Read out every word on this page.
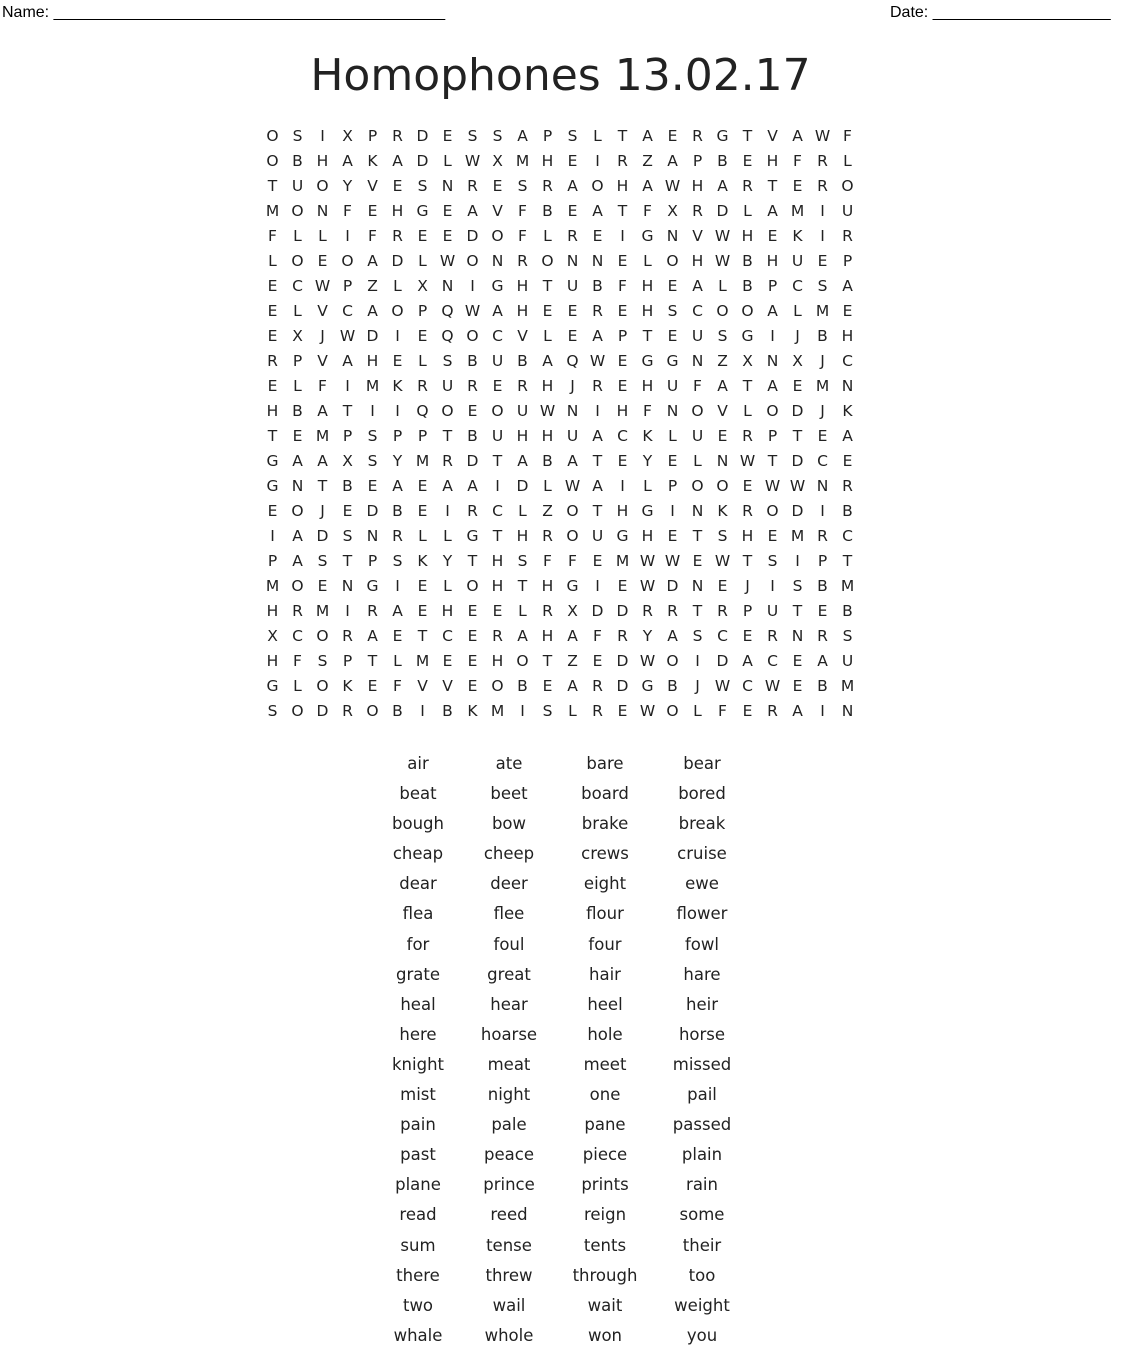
Name: ____________________________________________	Date: ____________________
Homophones 13.02.17
O S	I	X P R D E S S A P S	L	T A E R G T V A W F
O B H A K A D L W X M H E	I	R Z A P B E H F R L
T U O Y V E S N R E S R A O H A W H A R T E R O
M O N F	E H G E A V F B E A T	F X R D L A M	I	U
F	L	L	I	F R E E D O F	L R E	I	G N V W H E K	I	R
L O E O A D L W O N R O N N E	L O H W B H U E P
E C W P Z L X N	I	G H T U B F H E A L B P C S A
E	L V C A O P Q W A H E E R E H S C O O A L M E
E X	J W D	I	E Q O C V L	E A P	T E U S G	I	J	B H
R P V A H E	L	S B U B A Q W E G G N Z X N X	J	C
E	L	F	I	M K R U R E R H	J	R E H U F A T A E M N
H B A T	I	I	Q O E O U W N	I	H F N O V L O D	J	K
T E M P S P	P	T B U H H U A C K	L U E R P	T E A
G A A X S Y M R D T A B A T E Y E	L N W T D C E
G N T B E A E A A	I	D L W A	I	L	P O O E W W N R
E O	J	E D B E	I	R C L Z O T H G	I	N K R O D	I	B
I	A D S N R L	L G T H R O U G H E T S H E M R C
P A S T	P S K Y	T H S	F	F	E M W W E W T S	I	P	T
M O E N G	I	E	L O H T H G	I	E W D N E	J	I	S B M
H R M	I	R A E H E E	L R X D D R R T R P U T E B
X C O R A E T C E R A H A F R Y A S C E R N R S
H F	S P	T	L M E E H O T Z E D W O	I	D A C E A U
G L O K E	F V V E O B E A R D G B	J W C W E B M
S O D R O B	I	B K M	I	S	L R E W O L	F	E R A	I	N
air	ate	bare	bear
beat	beet	board	bored
bough	bow	brake	break
cheap	cheep	crews	cruise
dear	deer	eight	ewe
flea	flee	flour	flower
for	foul	four	fowl
grate	great	hair	hare
heal	hear	heel	heir
here	hoarse	hole	horse
knight	meat	meet	missed
mist	night	one	pail
pain	pale	pane	passed
past	peace	piece	plain
plane	prince	prints	rain
read	reed	reign	some
sum	tense	tents	their
there	threw	through	too
two	wail	wait	weight
whale	whole	won	you
